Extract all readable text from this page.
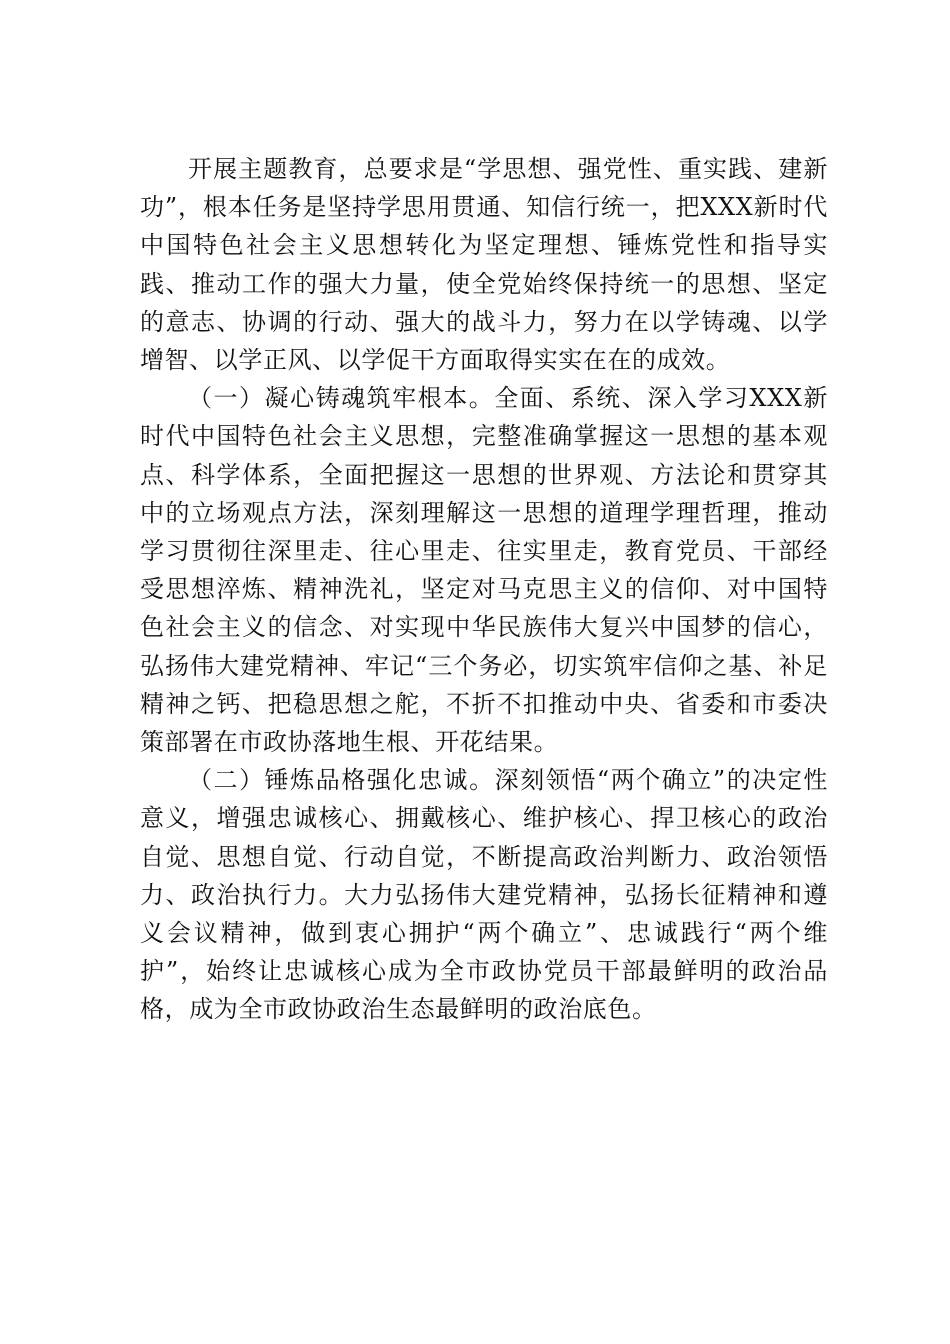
开展主题教育，总要求是“学思想、强党性、重实践、建新功”，根本任务是坚持学思用贯通、知信行统一，把XXX新时代中国特色社会主义思想转化为坚定理想、锤炼党性和指导实践、推动工作的强大力量，使全党始终保持统一的思想、坚定的意志、协调的行动、强大的战斗力，努力在以学铸魂、以学增智、以学正风、以学促干方面取得实实在在的成效。

（一）凝心铸魂筑牢根本。全面、系统、深入学习XXX新时代中国特色社会主义思想，完整准确掌握这一思想的基本观点、科学体系，全面把握这一思想的世界观、方法论和贯穿其中的立场观点方法，深刻理解这一思想的道理学理哲理，推动学习贯彻往深里走、往心里走、往实里走，教育党员、干部经受思想淬炼、精神洗礼，坚定对马克思主义的信仰、对中国特色社会主义的信念、对实现中华民族伟大复兴中国梦的信心，弘扬伟大建党精神、牢记“三个务必，切实筑牢信仰之基、补足精神之钙、把稳思想之舵，不折不扣推动中央、省委和市委决策部署在市政协落地生根、开花结果。

（二）锤炼品格强化忠诚。深刻领悟“两个确立”的决定性意义，增强忠诚核心、拥戴核心、维护核心、捍卫核心的政治自觉、思想自觉、行动自觉，不断提高政治判断力、政治领悟力、政治执行力。大力弘扬伟大建党精神，弘扬长征精神和遵义会议精神，做到衷心拥护“两个确立”、忠诚践行“两个维护”，始终让忠诚核心成为全市政协党员干部最鲜明的政治品格，成为全市政协政治生态最鲜明的政治底色。
